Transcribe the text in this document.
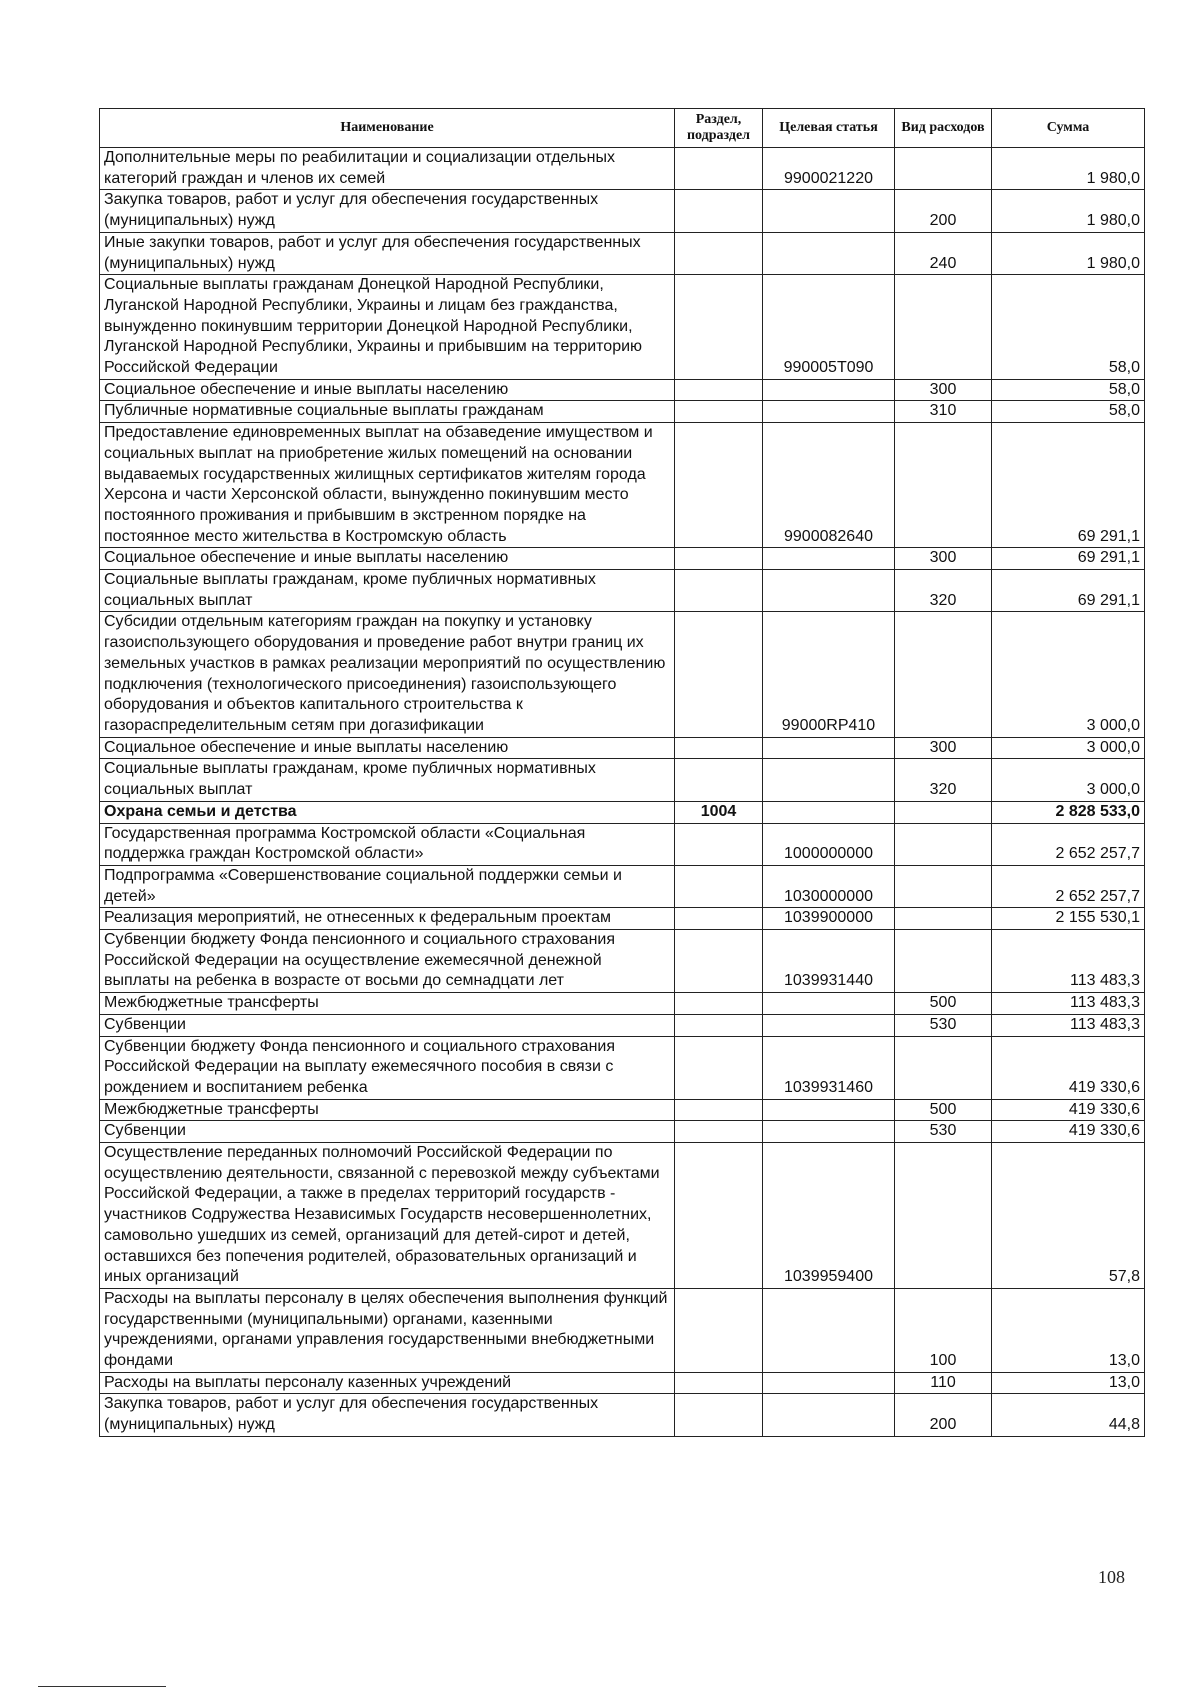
Наименование	Раздел, подраздел	Целевая статья	Вид расходов	Сумма
Дополнительные меры по реабилитации и социализации отдельных категорий граждан и членов их семей		9900021220		1 980,0
Закупка товаров, работ и услуг для обеспечения государственных (муниципальных) нужд			200	1 980,0
Иные закупки товаров, работ и услуг для обеспечения государственных (муниципальных) нужд			240	1 980,0
Социальные выплаты гражданам Донецкой Народной Республики, Луганской Народной Республики, Украины и лицам без гражданства, вынужденно покинувшим территории Донецкой Народной Республики, Луганской Народной Республики, Украины и прибывшим на территорию Российской Федерации		990005Т090		58,0
Социальное обеспечение и иные выплаты населению			300	58,0
Публичные нормативные социальные выплаты гражданам			310	58,0
Предоставление единовременных выплат на обзаведение имуществом и социальных выплат на приобретение жилых помещений на основании выдаваемых государственных жилищных сертификатов жителям города Херсона и части Херсонской области, вынужденно покинувшим место постоянного проживания и прибывшим в экстренном порядке на постоянное место жительства в Костромскую область		9900082640		69 291,1
Социальное обеспечение и иные выплаты населению			300	69 291,1
Социальные выплаты гражданам, кроме публичных нормативных социальных выплат			320	69 291,1
Субсидии отдельным категориям граждан на покупку и установку газоиспользующего оборудования и проведение работ внутри границ их земельных участков в рамках реализации мероприятий по осуществлению подключения (технологического присоединения) газоиспользующего оборудования и объектов капитального строительства к газораспределительным сетям при догазификации		99000RP410		3 000,0
Социальное обеспечение и иные выплаты населению			300	3 000,0
Социальные выплаты гражданам, кроме публичных нормативных социальных выплат			320	3 000,0
Охрана семьи и детства	1004			2 828 533,0
Государственная программа Костромской области «Социальная поддержка граждан Костромской области»		1000000000		2 652 257,7
Подпрограмма «Совершенствование социальной поддержки семьи и детей»		1030000000		2 652 257,7
Реализация мероприятий, не отнесенных к федеральным проектам		1039900000		2 155 530,1
Субвенции бюджету Фонда пенсионного и социального страхования Российской Федерации на осуществление ежемесячной денежной выплаты на ребенка в возрасте от восьми до семнадцати лет		1039931440		113 483,3
Межбюджетные трансферты			500	113 483,3
Субвенции			530	113 483,3
Субвенции бюджету Фонда пенсионного и социального страхования Российской Федерации на выплату ежемесячного пособия в связи с рождением и воспитанием ребенка		1039931460		419 330,6
Межбюджетные трансферты			500	419 330,6
Субвенции			530	419 330,6
Осуществление переданных полномочий Российской Федерации по осуществлению деятельности, связанной с перевозкой между субъектами Российской Федерации, а также в пределах территорий государств - участников Содружества Независимых Государств несовершеннолетних, самовольно ушедших из семей, организаций для детей-сирот и детей, оставшихся без попечения родителей, образовательных организаций и иных организаций		1039959400		57,8
Расходы на выплаты персоналу в целях обеспечения выполнения функций государственными (муниципальными) органами, казенными учреждениями, органами управления государственными внебюджетными фондами			100	13,0
Расходы на выплаты персоналу казенных учреждений			110	13,0
Закупка товаров, работ и услуг для обеспечения государственных (муниципальных) нужд			200	44,8
108
